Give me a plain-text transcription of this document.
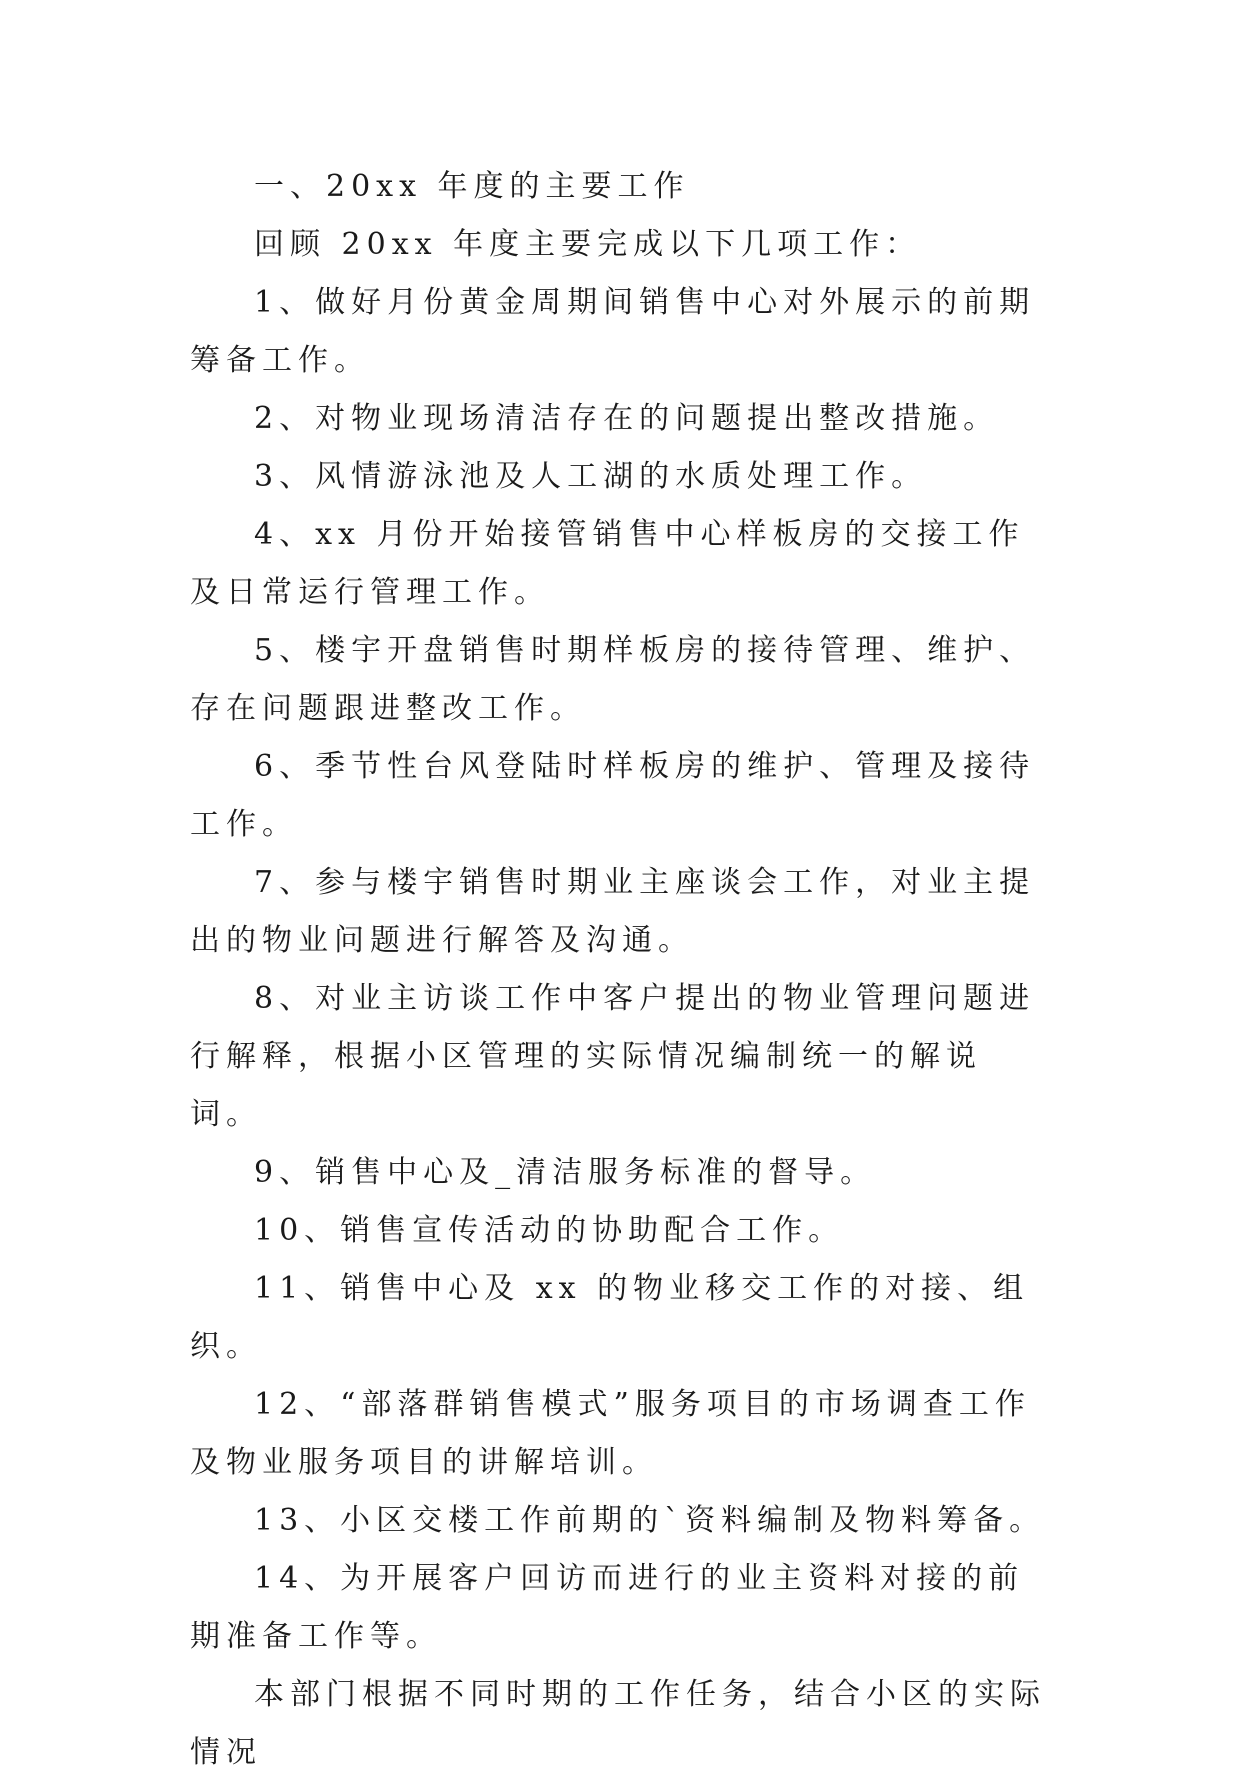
一、20xx 年度的主要工作

回顾 20xx 年度主要完成以下几项工作：

1、做好月份黄金周期间销售中心对外展示的前期筹备工作。

2、对物业现场清洁存在的问题提出整改措施。

3、风情游泳池及人工湖的水质处理工作。

4、xx 月份开始接管销售中心样板房的交接工作及日常运行管理工作。

5、楼宇开盘销售时期样板房的接待管理、维护、存在问题跟进整改工作。

6、季节性台风登陆时样板房的维护、管理及接待工作。

7、参与楼宇销售时期业主座谈会工作，对业主提出的物业问题进行解答及沟通。

8、对业主访谈工作中客户提出的物业管理问题进行解释，根据小区管理的实际情况编制统一的解说词。

9、销售中心及_清洁服务标准的督导。

10、销售宣传活动的协助配合工作。

11、销售中心及 xx 的物业移交工作的对接、组织。

12、“部落群销售模式”服务项目的市场调查工作及物业服务项目的讲解培训。

13、小区交楼工作前期的`资料编制及物料筹备。

14、为开展客户回访而进行的业主资料对接的前期准备工作等。

本部门根据不同时期的工作任务，结合小区的实际情况
